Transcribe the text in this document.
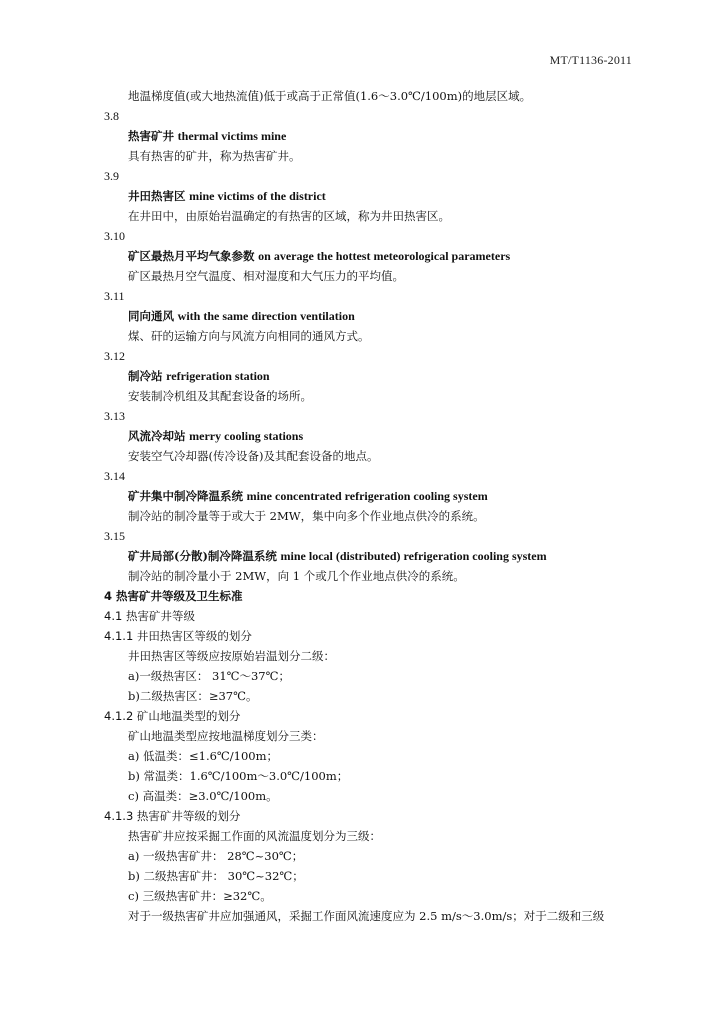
MT/T1136-2011
地温梯度值(或大地热流值)低于或高于正常值(1.6～3.0℃/100m)的地层区域。
3.8
热害矿井 thermal victims mine
具有热害的矿井，称为热害矿井。
3.9
井田热害区 mine victims of the district
在井田中，由原始岩温确定的有热害的区域，称为井田热害区。
3.10
矿区最热月平均气象参数 on average the hottest meteorological parameters
矿区最热月空气温度、相对湿度和大气压力的平均值。
3.11
同向通风 with the same direction ventilation
煤、矸的运输方向与风流方向相同的通风方式。
3.12
制冷站 refrigeration station
安装制冷机组及其配套设备的场所。
3.13
风流冷却站 merry cooling stations
安装空气冷却器(传冷设备)及其配套设备的地点。
3.14
矿井集中制冷降温系统 mine concentrated refrigeration cooling system
制冷站的制冷量等于或大于 2MW，集中向多个作业地点供冷的系统。
3.15
矿井局部(分散)制冷降温系统 mine local (distributed) refrigeration cooling system
制冷站的制冷量小于 2MW，向 1 个或几个作业地点供冷的系统。
4 热害矿井等级及卫生标准
4.1 热害矿井等级
4.1.1 井田热害区等级的划分
井田热害区等级应按原始岩温划分二级：
a)一级热害区： 31℃～37℃；
b)二级热害区：≥37℃。
4.1.2 矿山地温类型的划分
矿山地温类型应按地温梯度划分三类：
a) 低温类：≤1.6℃/100m；
b) 常温类：1.6℃/100m～3.0℃/100m；
c) 高温类：≥3.0℃/100m。
4.1.3 热害矿井等级的划分
热害矿井应按采掘工作面的风流温度划分为三级：
a) 一级热害矿井： 28℃~30℃；
b) 二级热害矿井： 30℃~32℃；
c) 三级热害矿井：≥32℃。
对于一级热害矿井应加强通风，采掘工作面风流速度应为 2.5 m/s～3.0m/s；对于二级和三级
